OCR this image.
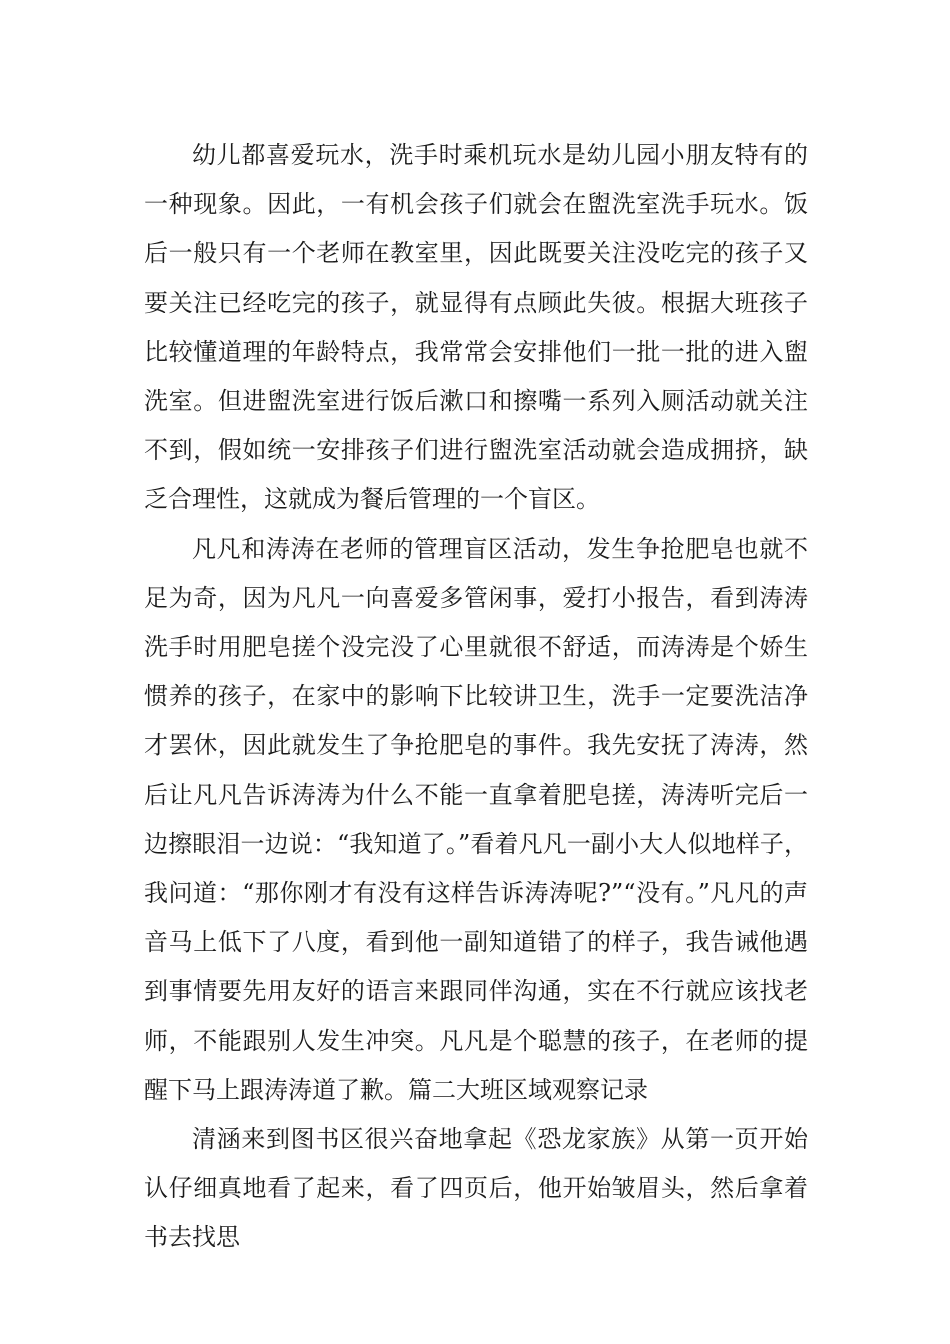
幼儿都喜爱玩水，洗手时乘机玩水是幼儿园小朋友特有的一种现象。因此，一有机会孩子们就会在盥洗室洗手玩水。饭后一般只有一个老师在教室里，因此既要关注没吃完的孩子又要关注已经吃完的孩子，就显得有点顾此失彼。根据大班孩子比较懂道理的年龄特点，我常常会安排他们一批一批的进入盥洗室。但进盥洗室进行饭后漱口和擦嘴一系列入厕活动就关注不到，假如统一安排孩子们进行盥洗室活动就会造成拥挤，缺乏合理性，这就成为餐后管理的一个盲区。

凡凡和涛涛在老师的管理盲区活动，发生争抢肥皂也就不足为奇，因为凡凡一向喜爱多管闲事，爱打小报告，看到涛涛洗手时用肥皂搓个没完没了心里就很不舒适，而涛涛是个娇生惯养的孩子，在家中的影响下比较讲卫生，洗手一定要洗洁净才罢休，因此就发生了争抢肥皂的事件。我先安抚了涛涛，然后让凡凡告诉涛涛为什么不能一直拿着肥皂搓，涛涛听完后一边擦眼泪一边说：“我知道了。”看着凡凡一副小大人似地样子，我问道：“那你刚才有没有这样告诉涛涛呢?”“没有。”凡凡的声音马上低下了八度，看到他一副知道错了的样子，我告诫他遇到事情要先用友好的语言来跟同伴沟通，实在不行就应该找老师，不能跟别人发生冲突。凡凡是个聪慧的孩子，在老师的提醒下马上跟涛涛道了歉。篇二大班区域观察记录

清涵来到图书区很兴奋地拿起《恐龙家族》从第一页开始认仔细真地看了起来，看了四页后，他开始皱眉头，然后拿着书去找思
